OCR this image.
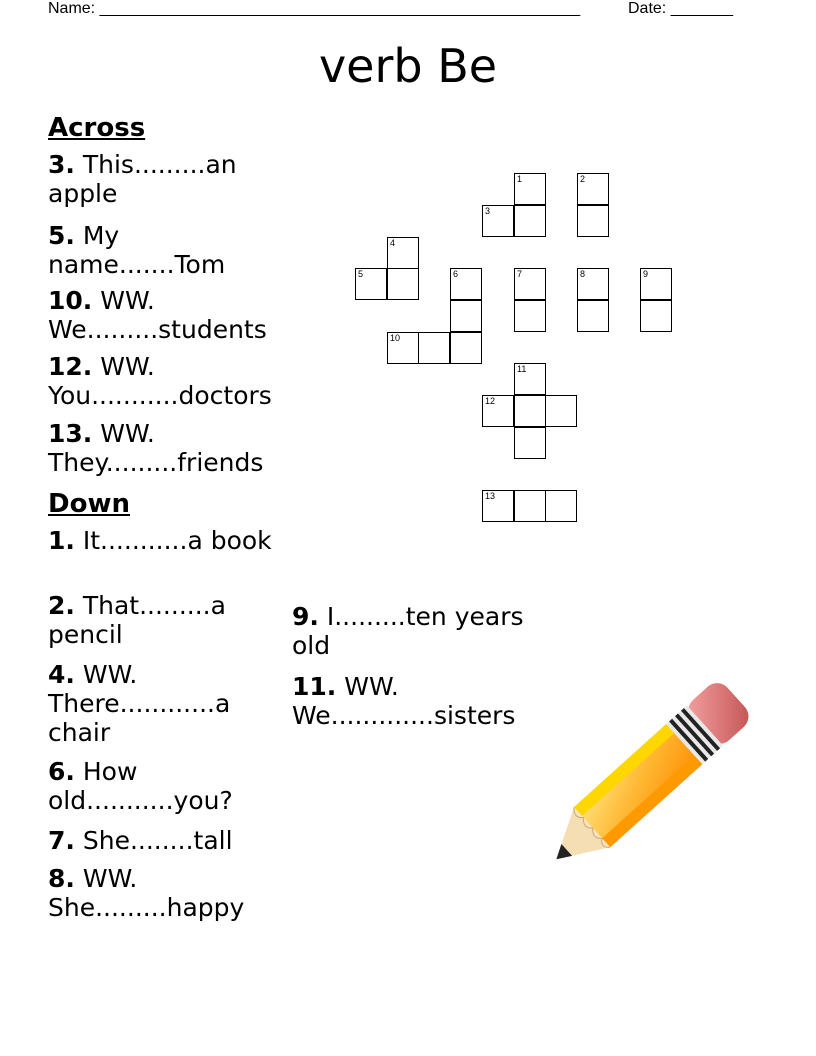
Name: ______________________________________________________	Date: _______
verb Be
Across
3. This.........an apple
5. My name.......Tom
10. WW. We.........students
12. WW. You...........doctors
13. WW. They.........friends
Down
1. It...........a book
2. That.........a pencil
4. WW. There............a chair
6. How old...........you?
7. She........tall
8. WW. She.........happy
9. I.........ten years old
11. WW. We.............sisters
1	2
3
4
5	6	7	8	9
10
11
12
13
